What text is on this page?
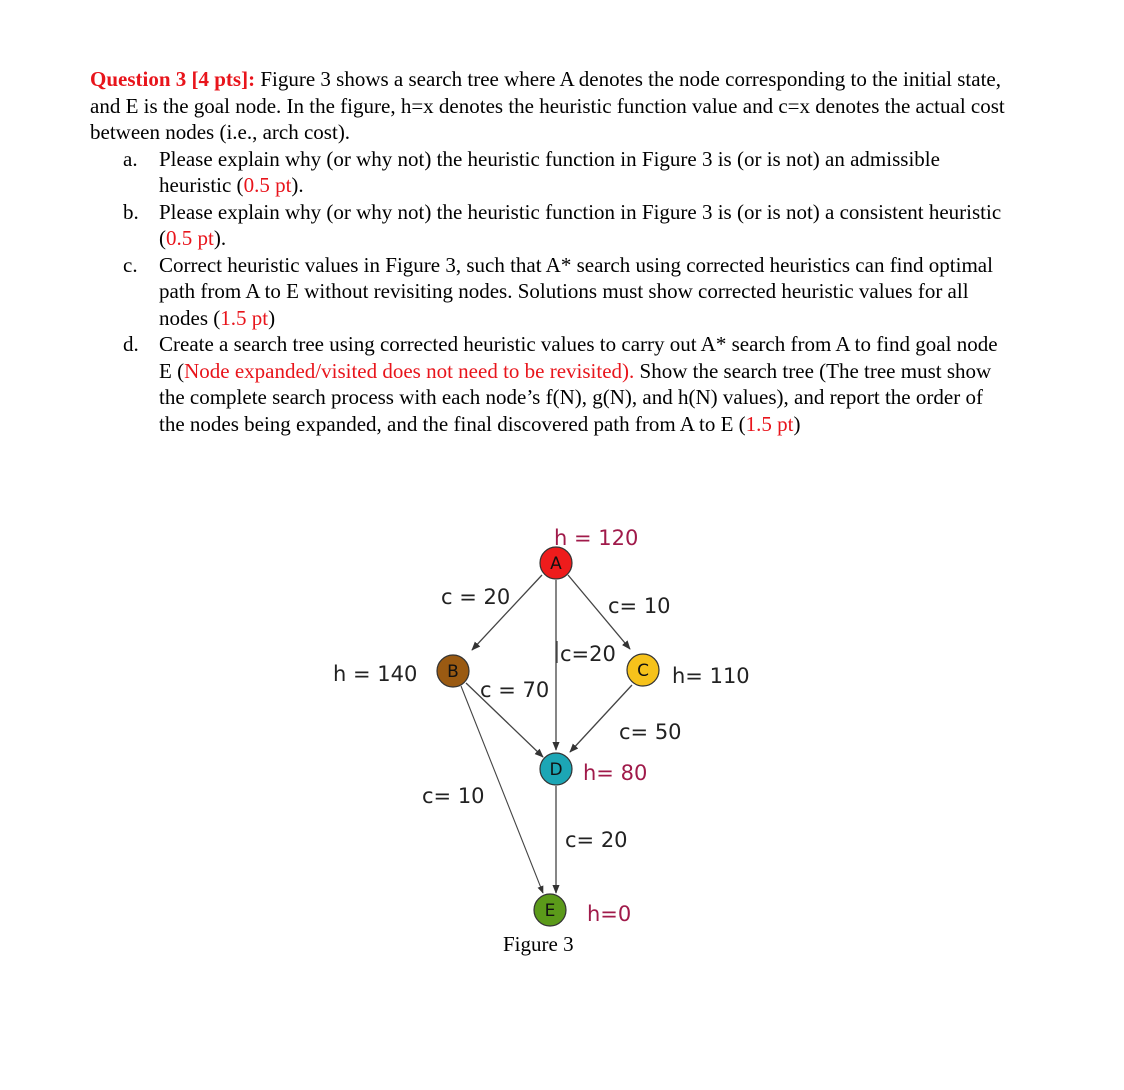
Question 3 [4 pts]: Figure 3 shows a search tree where A denotes the node corresponding to the initial state, and E is the goal node. In the figure, h=x denotes the heuristic function value and c=x denotes the actual cost between nodes (i.e., arch cost).

a. Please explain why (or why not) the heuristic function in Figure 3 is (or is not) an admissible heuristic (0.5 pt).
b. Please explain why (or why not) the heuristic function in Figure 3 is (or is not) a consistent heuristic (0.5 pt).
c. Correct heuristic values in Figure 3, such that A* search using corrected heuristics can find optimal path from A to E without revisiting nodes. Solutions must show corrected heuristic values for all nodes (1.5 pt)
d. Create a search tree using corrected heuristic values to carry out A* search from A to find goal node E (Node expanded/visited does not need to be revisited). Show the search tree (The tree must show the complete search process with each node’s f(N), g(N), and h(N) values), and report the order of the nodes being expanded, and the final discovered path from A to E (1.5 pt)
c = 20	c= 10
c=20
c = 70
c= 50
c= 10
c= 20
A
h = 120
B
h = 140	C h= 110
D h= 80
E h=0
Figure 3
